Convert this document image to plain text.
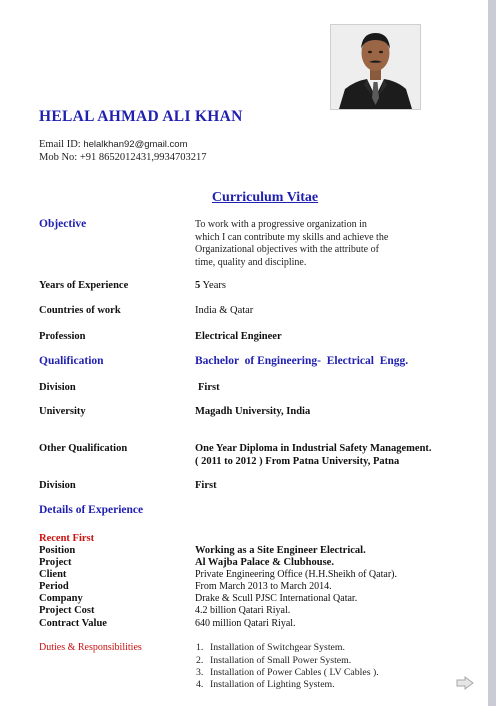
HELAL AHMAD ALI KHAN
Email ID: helalkhan92@gmail.com
Mob No: +91 8652012431,9934703217
Curriculum Vitae
Objective	To work with a progressive organization in
which I can contribute my skills and achieve the
Organizational objectives with the attribute of
time, quality and discipline.
Years of Experience	5 Years
Countries of work	India & Qatar
Profession	Electrical Engineer
Qualification	Bachelor  of Engineering-  Electrical  Engg.
Division	First
University	Magadh University, India
Other Qualification	One Year Diploma in Industrial Safety Management.
( 2011 to 2012 ) From Patna University, Patna
Division	First
Details of Experience
Recent First
Position	Working as a Site Engineer Electrical.
Project	Al Wajba Palace & Clubhouse.
Client	Private Engineering Office (H.H.Sheikh of Qatar).
Period	From March 2013 to March 2014.
Company	Drake & Scull PJSC International Qatar.
Project Cost	4.2 billion Qatari Riyal.
Contract Value	640 million Qatari Riyal.
Duties & Responsibilities	1. Installation of Switchgear System.
2. Installation of Small Power System.
3. Installation of Power Cables ( LV Cables ).
4. Installation of Lighting System.
